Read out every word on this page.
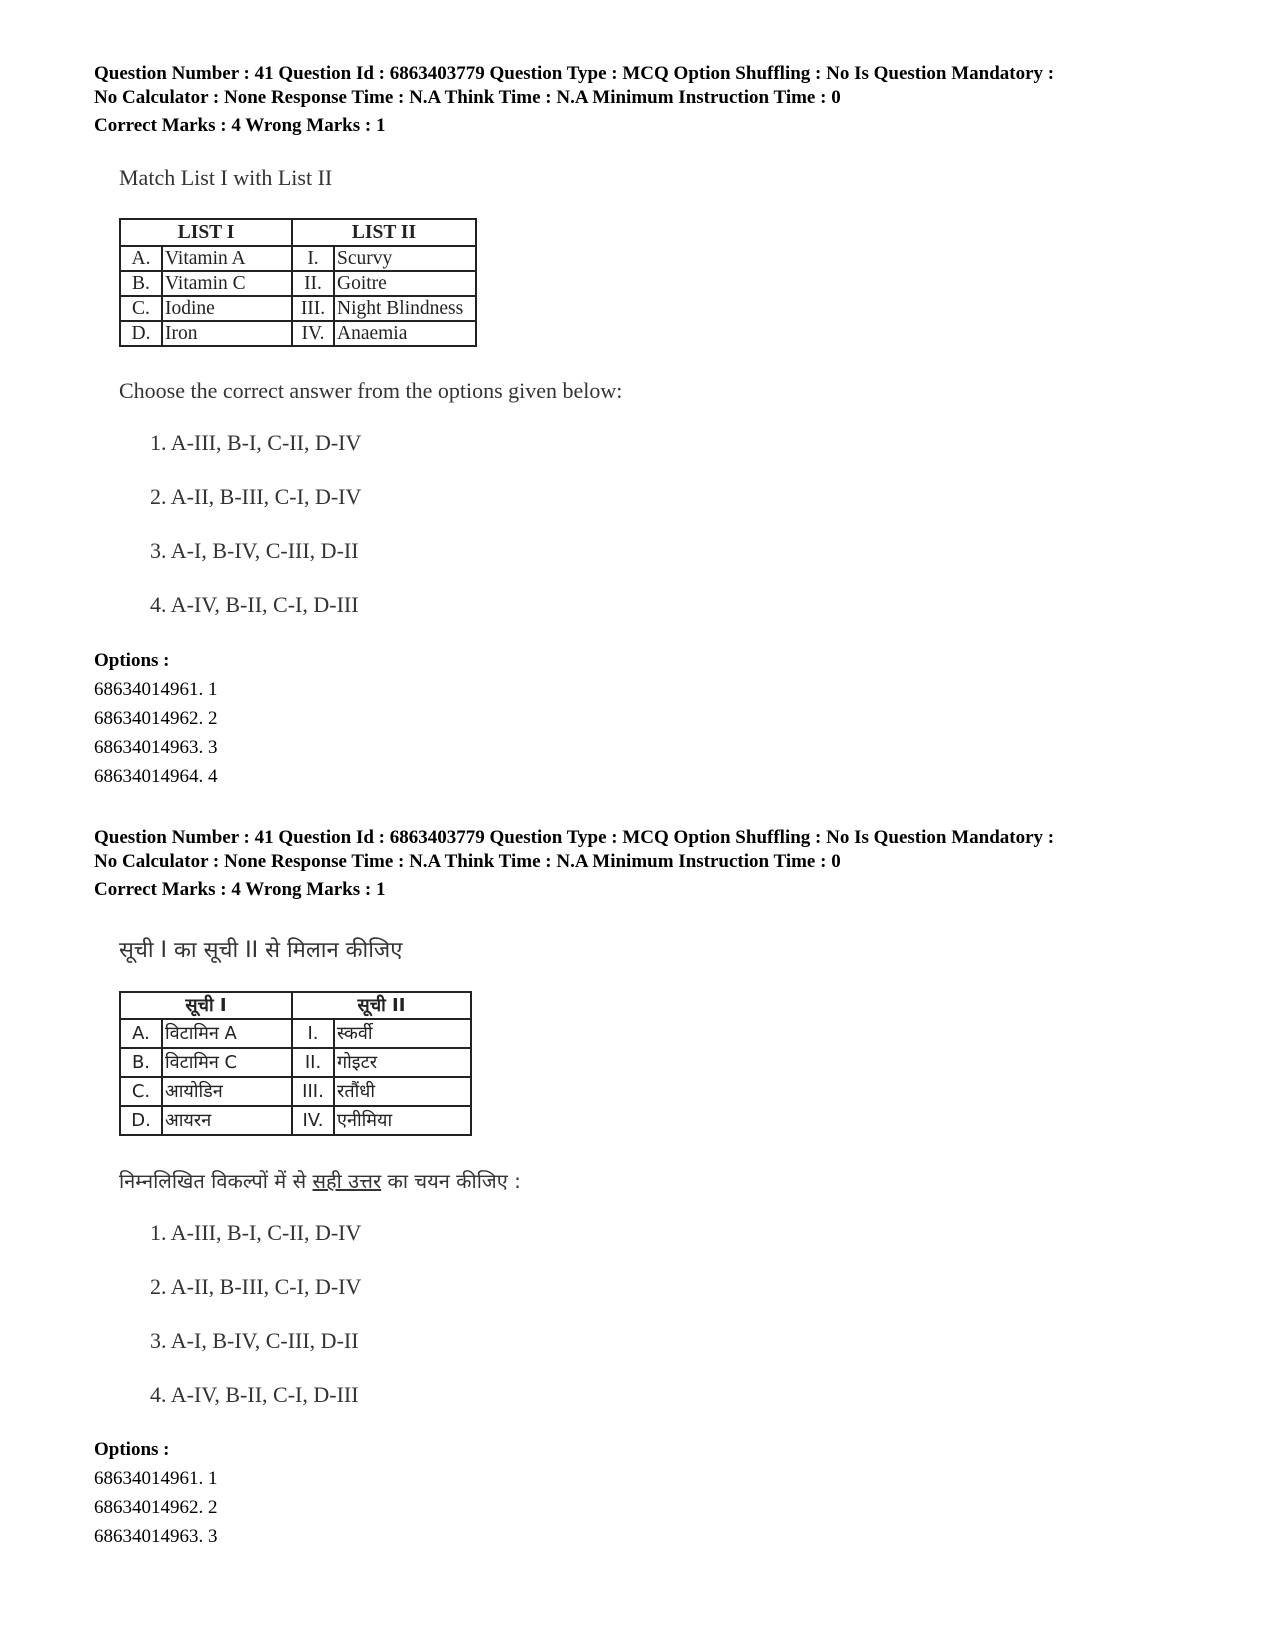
Question Number : 41 Question Id : 6863403779 Question Type : MCQ Option Shuffling : No Is Question Mandatory :
No Calculator : None Response Time : N.A Think Time : N.A Minimum Instruction Time : 0
Correct Marks : 4 Wrong Marks : 1
Match List I with List II
LIST I		LIST II	
A.	Vitamin A	I.	Scurvy
B.	Vitamin C	II.	Goitre
C.	Iodine	III.	Night Blindness
D.	Iron	IV.	Anaemia
Choose the correct answer from the options given below:
1. A-III, B-I, C-II, D-IV
2. A-II, B-III, C-I, D-IV
3. A-I, B-IV, C-III, D-II
4. A-IV, B-II, C-I, D-III
Options :
68634014961. 1
68634014962. 2
68634014963. 3
68634014964. 4
Question Number : 41 Question Id : 6863403779 Question Type : MCQ Option Shuffling : No Is Question Mandatory :
No Calculator : None Response Time : N.A Think Time : N.A Minimum Instruction Time : 0
Correct Marks : 4 Wrong Marks : 1
सूची I का सूची II से मिलान कीजिए
सूची I		सूची II	
A.	विटामिन A	I.	स्कर्वी
B.	विटामिन C	II.	गोइटर
C.	आयोडिन	III.	रतौंधी
D.	आयरन	IV.	एनीमिया
निम्नलिखित विकल्पों में से सही उत्तर का चयन कीजिए :
1. A-III, B-I, C-II, D-IV
2. A-II, B-III, C-I, D-IV
3. A-I, B-IV, C-III, D-II
4. A-IV, B-II, C-I, D-III
Options :
68634014961. 1
68634014962. 2
68634014963. 3
